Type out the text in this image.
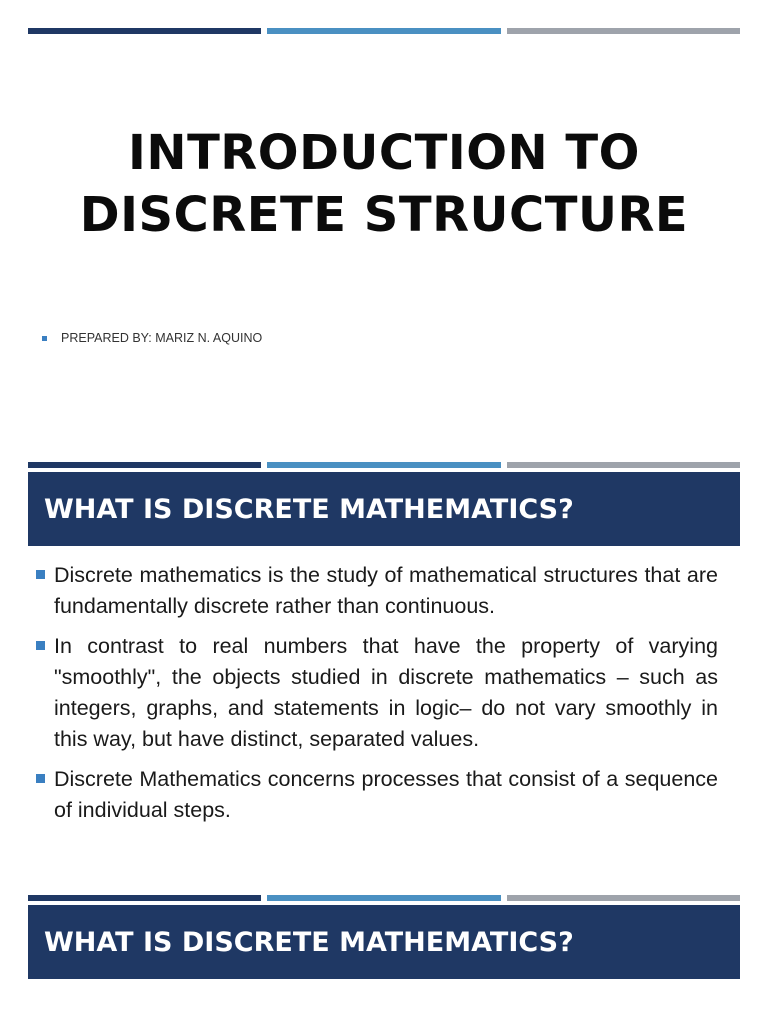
INTRODUCTION TO
DISCRETE STRUCTURE
PREPARED BY: MARIZ N. AQUINO
WHAT IS DISCRETE MATHEMATICS?
Discrete mathematics is the study of mathematical structures that are fundamentally discrete rather than continuous.
In contrast to real numbers that have the property of varying "smoothly", the objects studied in discrete mathematics – such as integers, graphs, and statements in logic– do not vary smoothly in this way, but have distinct, separated values.
Discrete Mathematics concerns processes that consist of a sequence of individual steps.
WHAT IS DISCRETE MATHEMATICS?
